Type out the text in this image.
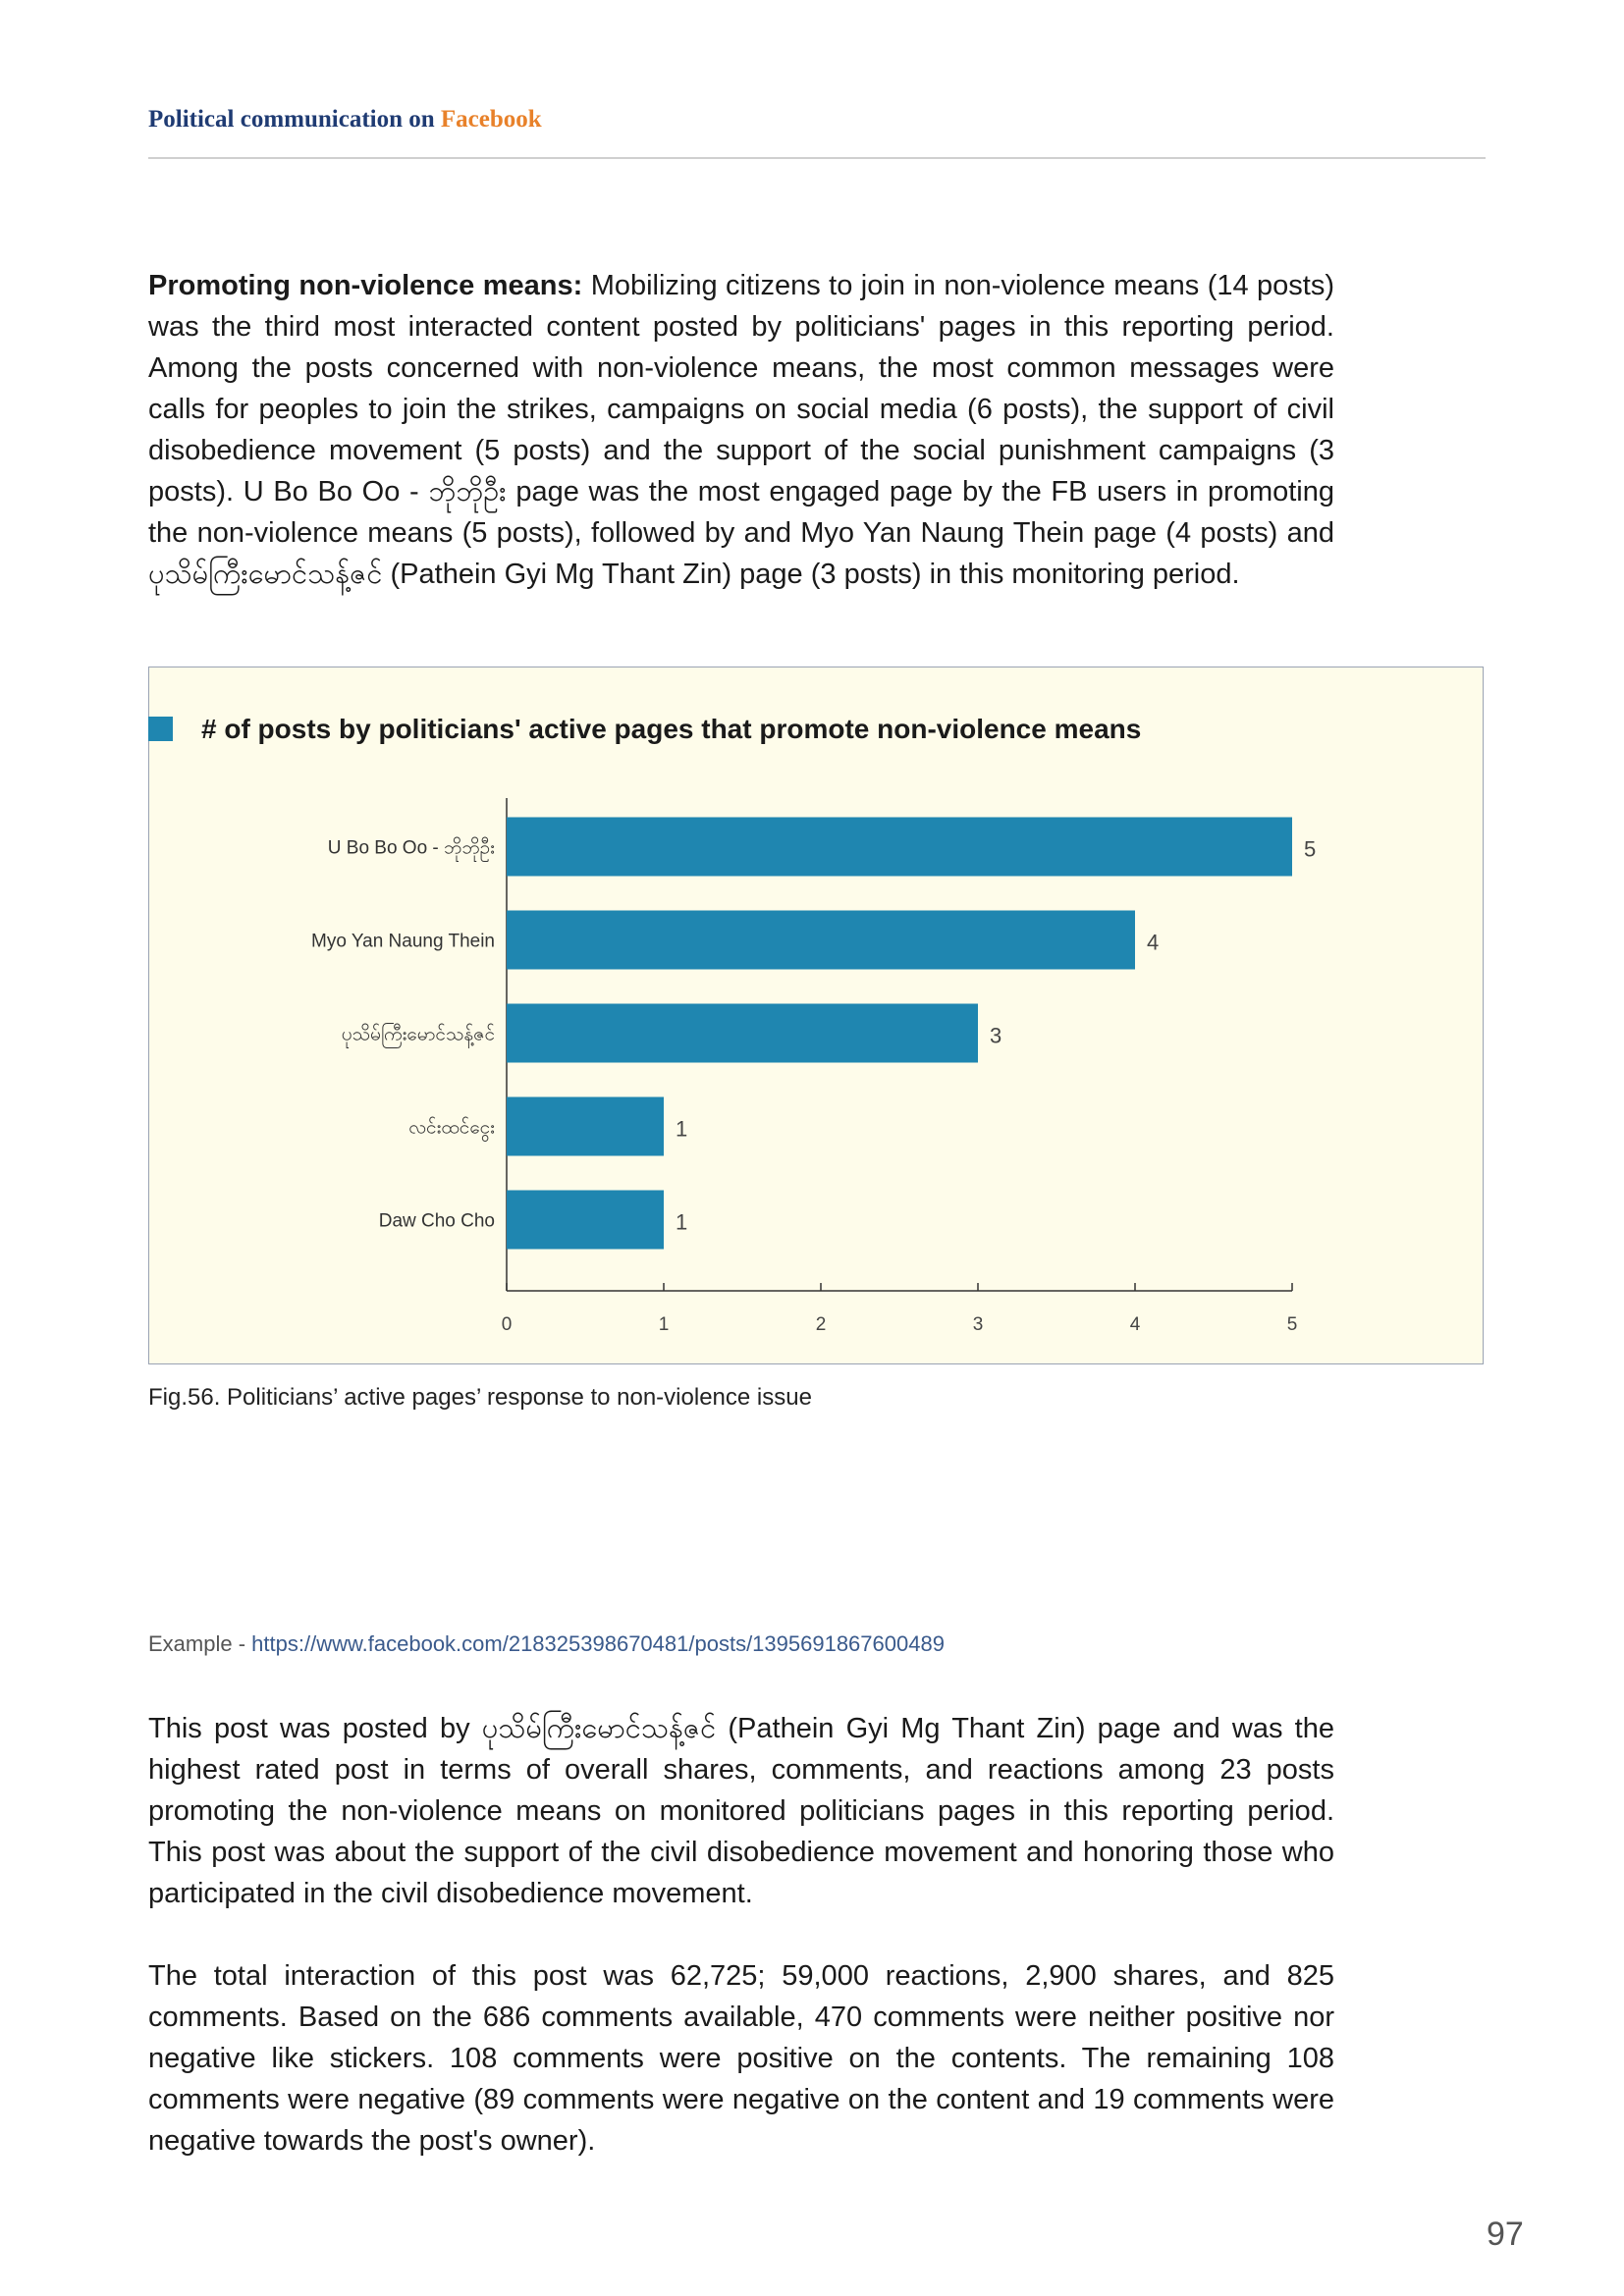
Political communication on Facebook

Promoting non-violence means: Mobilizing citizens to join in non-violence means (14 posts) was the third most interacted content posted by politicians' pages in this reporting period. Among the posts concerned with non-violence means, the most common messages were calls for peoples to join the strikes, campaigns on social media (6 posts), the support of civil disobedience movement (5 posts) and the support of the social punishment campaigns (3 posts). U Bo Bo Oo - ဘိုဘိုဦး page was the most engaged page by the FB users in promoting the non-violence means (5 posts), followed by and Myo Yan Naung Thein page (4 posts) and ပုသိမ်ကြီးမောင်သန့်ဇင် (Pathein Gyi Mg Thant Zin) page (3 posts) in this monitoring period.

# of posts by politicians' active pages that promote non-violence means
U Bo Bo Oo - ဘိုဘိုဦး	5
Myo Yan Naung Thein	4
ပုသိမ်ကြီးမောင်သန့်ဇင်	3
လင်းထင်ငွေး	1
Daw Cho Cho	1
0	1	2	3	4	5
Fig.56. Politicians’ active pages’ response to non-violence issue
Example - https://www.facebook.com/218325398670481/posts/1395691867600489

This post was posted by ပုသိမ်ကြီးမောင်သန့်ဇင် (Pathein Gyi Mg Thant Zin) page and was the highest rated post in terms of overall shares, comments, and reactions among 23 posts promoting the non-violence means on monitored politicians pages in this reporting period. This post was about the support of the civil disobedience movement and honoring those who participated in the civil disobedience movement.

The total interaction of this post was 62,725; 59,000 reactions, 2,900 shares, and 825 comments. Based on the 686 comments available, 470 comments were neither positive nor negative like stickers. 108 comments were positive on the contents. The remaining 108 comments were negative (89 comments were negative on the content and 19 comments were negative towards the post's owner).

97
